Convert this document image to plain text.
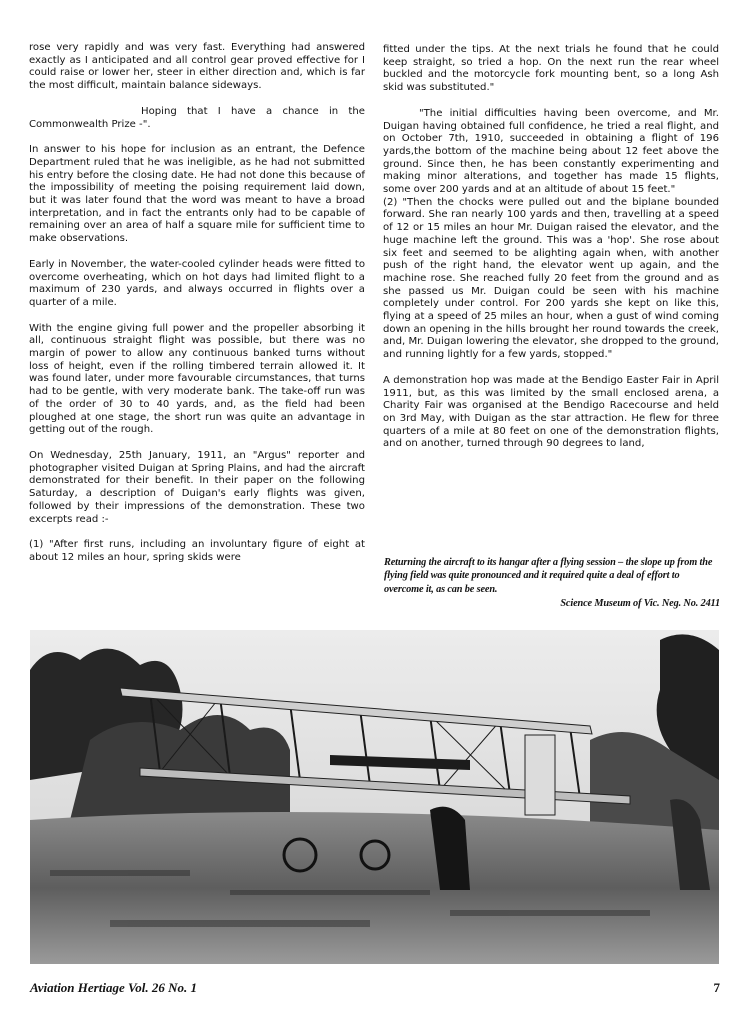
rose very rapidly and was very fast. Everything had answered exactly as I anticipated and all control gear proved effective for I could raise or lower her, steer in either direction and, which is far the most difficult, maintain balance sideways.

Hoping that I have a chance in the Commonwealth Prize -".

In answer to his hope for inclusion as an entrant, the Defence Department ruled that he was ineligible, as he had not submitted his entry before the closing date. He had not done this because of the impossibility of meeting the poising requirement laid down, but it was later found that the word was meant to have a broad interpretation, and in fact the entrants only had to be capable of remaining over an area of half a square mile for sufficient time to make observations.

Early in November, the water-cooled cylinder heads were fitted to overcome overheating, which on hot days had limited flight to a maximum of 230 yards, and always occurred in flights over a quarter of a mile.

With the engine giving full power and the propeller absorbing it all, continuous straight flight was possible, but there was no margin of power to allow any continuous banked turns without loss of height, even if the rolling timbered terrain allowed it. It was found later, under more favourable circumstances, that turns had to be gentle, with very moderate bank. The take-off run was of the order of 30 to 40 yards, and, as the field had been ploughed at one stage, the short run was quite an advantage in getting out of the rough.

On Wednesday, 25th January, 1911, an "Argus" reporter and photographer visited Duigan at Spring Plains, and had the aircraft demonstrated for their benefit. In their paper on the following Saturday, a description of Duigan's early flights was given, followed by their impressions of the demonstration. These two excerpts read :-

(1) "After first runs, including an involuntary figure of eight at about 12 miles an hour, spring skids were

fitted under the tips. At the next trials he found that he could keep straight, so tried a hop. On the next run the rear wheel buckled and the motorcycle fork mounting bent, so a long Ash skid was substituted."

"The initial difficulties having been overcome, and Mr. Duigan having obtained full confidence, he tried a real flight, and on October 7th, 1910, succeeded in obtaining a flight of 196 yards,the bottom of the machine being about 12 feet above the ground. Since then, he has been constantly experimenting and making minor alterations, and together has made 15 flights, some over 200 yards and at an altitude of about 15 feet."

(2) "Then the chocks were pulled out and the biplane bounded forward. She ran nearly 100 yards and then, travelling at a speed of 12 or 15 miles an hour Mr. Duigan raised the elevator, and the huge machine left the ground. This was a 'hop'. She rose about six feet and seemed to be alighting again when, with another push of the right hand, the elevator went up again, and the machine rose. She reached fully 20 feet from the ground and as she passed us Mr. Duigan could be seen with his machine completely under control. For 200 yards she kept on like this, flying at a speed of 25 miles an hour, when a gust of wind coming down an opening in the hills brought her round towards the creek, and, Mr. Duigan lowering the elevator, she dropped to the ground, and running lightly for a few yards, stopped."

A demonstration hop was made at the Bendigo Easter Fair in April 1911, but, as this was limited by the small enclosed arena, a Charity Fair was organised at the Bendigo Racecourse and held on 3rd May, with Duigan as the star attraction. He flew for three quarters of a mile at 80 feet on one of the demonstration flights, and on another, turned through 90 degrees to land,

Returning the aircraft to its hangar after a flying session – the slope up from the flying field was quite pronounced and it required quite a deal of effort to overcome it, as can be seen.
Science Museum of Vic. Neg. No. 2411
Aviation Hertiage Vol. 26 No. 1	7
